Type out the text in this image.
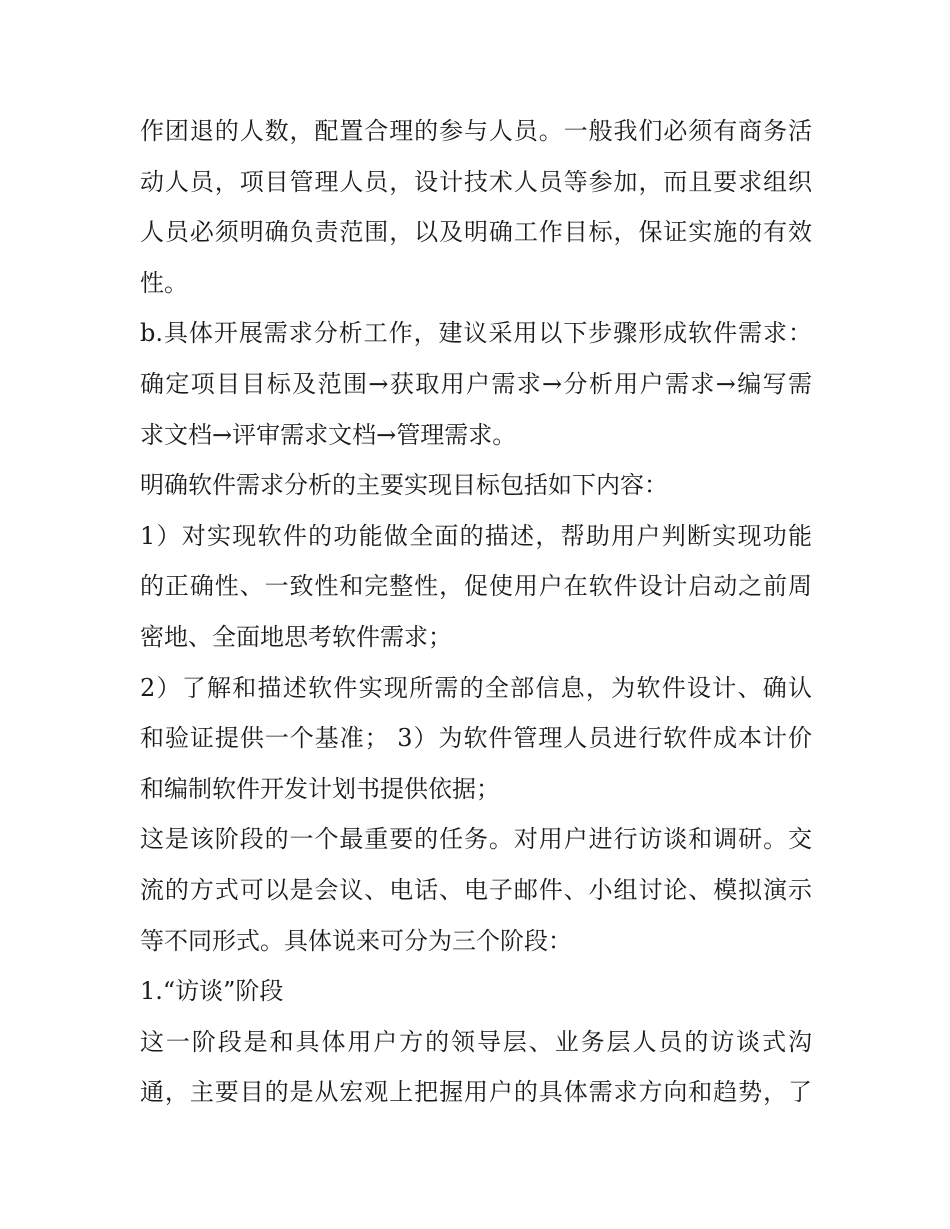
作团退的人数，配置合理的参与人员。一般我们必须有商务活
动人员，项目管理人员，设计技术人员等参加，而且要求组织
人员必须明确负责范围，以及明确工作目标，保证实施的有效
性。
b.具体开展需求分析工作，建议采用以下步骤形成软件需求：
确定项目目标及范围→获取用户需求→分析用户需求→编写需
求文档→评审需求文档→管理需求。
明确软件需求分析的主要实现目标包括如下内容：
1）对实现软件的功能做全面的描述，帮助用户判断实现功能
的正确性、一致性和完整性，促使用户在软件设计启动之前周
密地、全面地思考软件需求；
2）了解和描述软件实现所需的全部信息，为软件设计、确认
和验证提供一个基准； 3）为软件管理人员进行软件成本计价
和编制软件开发计划书提供依据；
这是该阶段的一个最重要的任务。对用户进行访谈和调研。交
流的方式可以是会议、电话、电子邮件、小组讨论、模拟演示
等不同形式。具体说来可分为三个阶段：
1.“访谈”阶段
这一阶段是和具体用户方的领导层、业务层人员的访谈式沟
通，主要目的是从宏观上把握用户的具体需求方向和趋势，了
